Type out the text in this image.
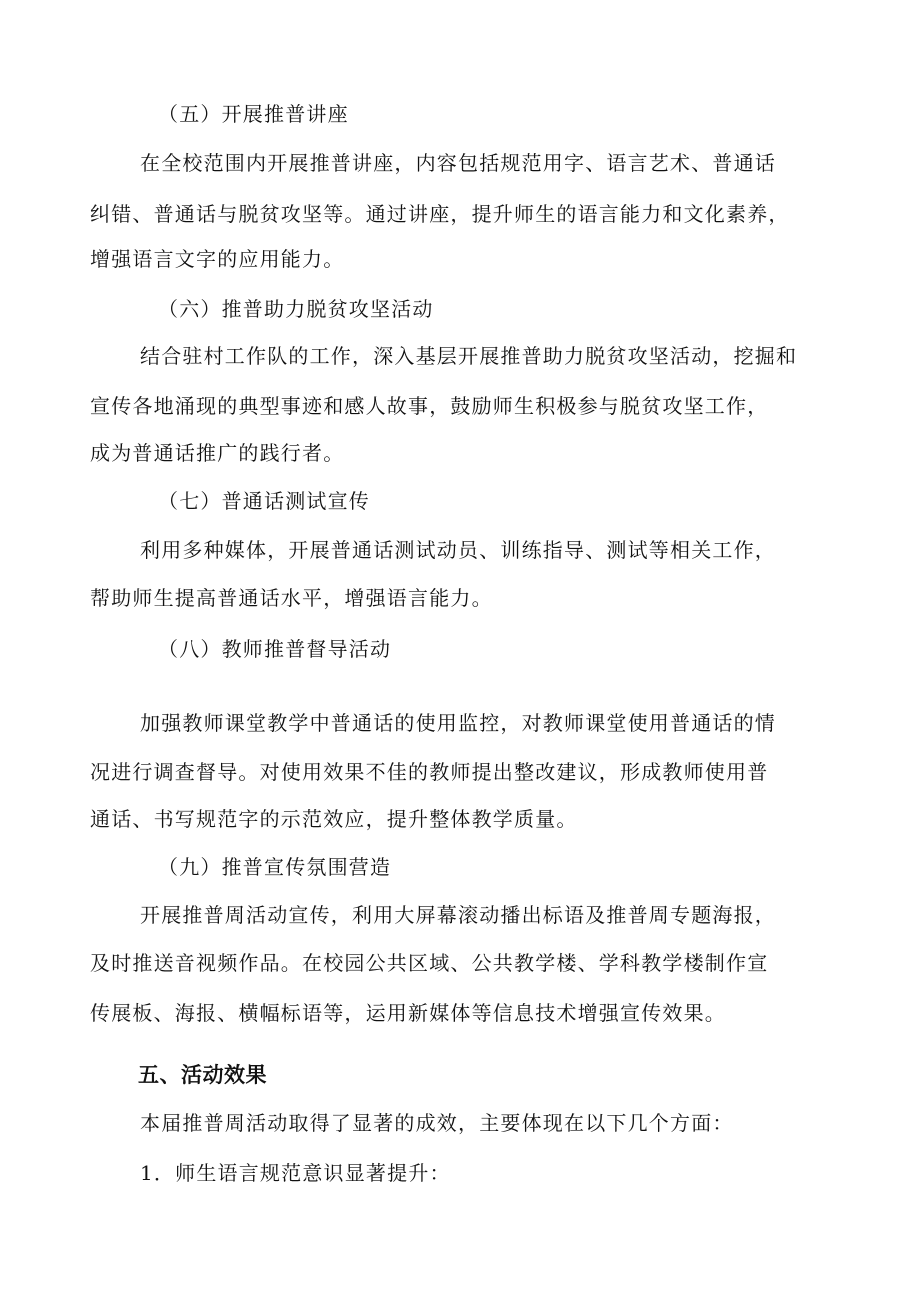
（五）开展推普讲座
在全校范围内开展推普讲座，内容包括规范用字、语言艺术、普通话
纠错、普通话与脱贫攻坚等。通过讲座，提升师生的语言能力和文化素养，
增强语言文字的应用能力。
（六）推普助力脱贫攻坚活动
结合驻村工作队的工作，深入基层开展推普助力脱贫攻坚活动，挖掘和
宣传各地涌现的典型事迹和感人故事，鼓励师生积极参与脱贫攻坚工作，
成为普通话推广的践行者。
（七）普通话测试宣传
利用多种媒体，开展普通话测试动员、训练指导、测试等相关工作，
帮助师生提高普通话水平，增强语言能力。
（八）教师推普督导活动
加强教师课堂教学中普通话的使用监控，对教师课堂使用普通话的情
况进行调查督导。对使用效果不佳的教师提出整改建议，形成教师使用普
通话、书写规范字的示范效应，提升整体教学质量。
（九）推普宣传氛围营造
开展推普周活动宣传，利用大屏幕滚动播出标语及推普周专题海报，
及时推送音视频作品。在校园公共区域、公共教学楼、学科教学楼制作宣
传展板、海报、横幅标语等，运用新媒体等信息技术增强宣传效果。
五、活动效果
本届推普周活动取得了显著的成效，主要体现在以下几个方面：
1．师生语言规范意识显著提升：
